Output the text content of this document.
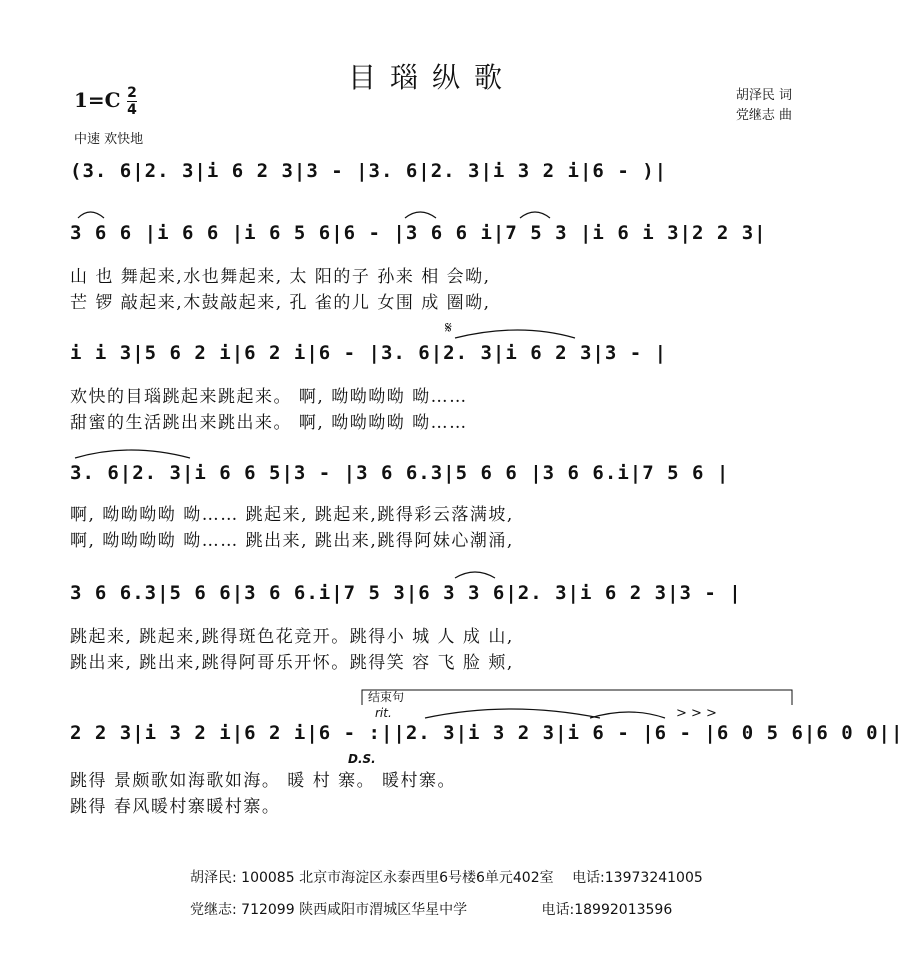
目瑙纵歌
胡泽民 词
党继志 曲
1=C 2
4
中速 欢快地
(3. 6|2. 3|i 6 2 3|3 - |3. 6|2. 3|i 3 2 i|6 - )|
3 6 6 |i 6 6 |i 6 5 6|6 - |3 6 6 i|7 5 3 |i 6 i 3|2 2 3|
山 也 舞起来,水也舞起来, 太 阳的子 孙来 相 会呦,
芒 锣 敲起来,木鼓敲起来, 孔 雀的儿 女围 成 圈呦,
𝄋
i i 3|5 6 2 i|6 2 i|6 - |3. 6|2. 3|i 6 2 3|3 - |
欢快的目瑙跳起来跳起来。 啊, 呦呦呦呦 呦……
甜蜜的生活跳出来跳出来。 啊, 呦呦呦呦 呦……
3. 6|2. 3|i 6 6 5|3 - |3 6 6.3|5 6 6 |3 6 6.i|7 5 6 |
啊, 呦呦呦呦 呦…… 跳起来, 跳起来,跳得彩云落满坡,
啊, 呦呦呦呦 呦…… 跳出来, 跳出来,跳得阿妹心潮涌,
3 6 6.3|5 6 6|3 6 6.i|7 5 3|6 3 3 6|2. 3|i 6 2 3|3 - |
跳起来, 跳起来,跳得斑色花竞开。跳得小 城 人 成 山,
跳出来, 跳出来,跳得阿哥乐开怀。跳得笑 容 飞 脸 颊,
结束句
rit.	> > >
2 2 3|i 3 2 i|6 2 i|6 - :||2. 3|i 3 2 3|i 6 - |6 - |6 0 5 6|6 0 0||
D.S.
跳得 景颇歌如海歌如海。 暖 村 寨。 暖村寨。
跳得 春风暖村寨暖村寨。
胡泽民: 100085 北京市海淀区永泰西里6号楼6单元402室 电话:13973241005
党继志: 712099 陕西咸阳市渭城区华星中学	电话:18992013596
